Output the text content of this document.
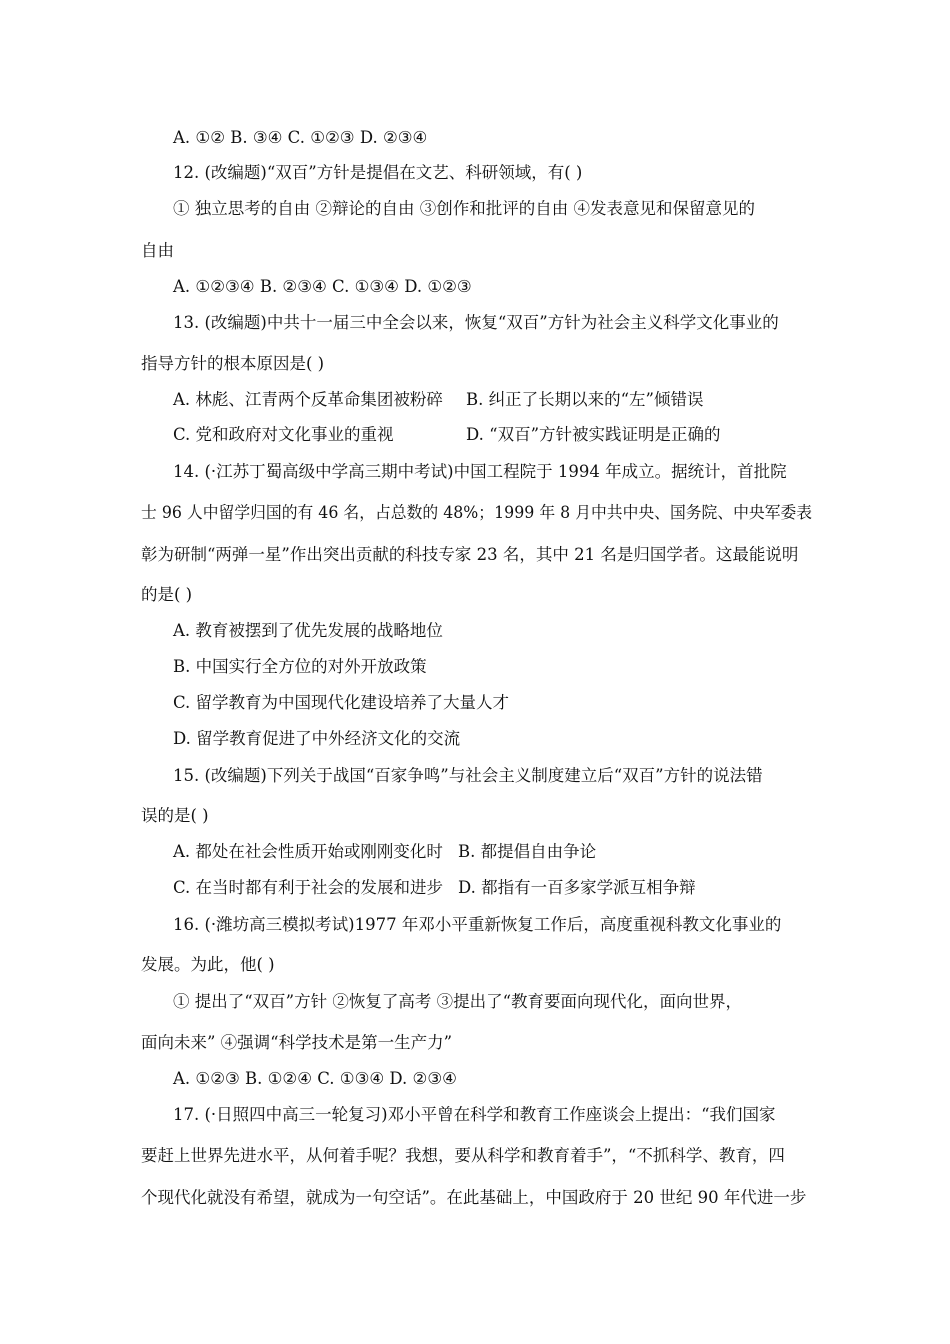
A. ①② B. ③④ C. ①②③ D. ②③④
12. (改编题)“双百”方针是提倡在文艺、科研领域，有( )
① 独立思考的自由 ②辩论的自由 ③创作和批评的自由 ④发表意见和保留意见的
自由
A. ①②③④ B. ②③④ C. ①③④ D. ①②③
13. (改编题)中共十一届三中全会以来，恢复“双百”方针为社会主义科学文化事业的
指导方针的根本原因是( )
A. 林彪、江青两个反革命集团被粉碎 B. 纠正了长期以来的“左”倾错误
C. 党和政府对文化事业的重视	D. “双百”方针被实践证明是正确的
14. (·江苏丁蜀高级中学高三期中考试)中国工程院于 1994 年成立。据统计，首批院
士 96 人中留学归国的有 46 名，占总数的 48%；1999 年 8 月中共中央、国务院、中央军委表
彰为研制“两弹一星”作出突出贡献的科技专家 23 名，其中 21 名是归国学者。这最能说明
的是( )
A. 教育被摆到了优先发展的战略地位
B. 中国实行全方位的对外开放政策
C. 留学教育为中国现代化建设培养了大量人才
D. 留学教育促进了中外经济文化的交流
15. (改编题)下列关于战国“百家争鸣”与社会主义制度建立后“双百”方针的说法错
误的是( )
A. 都处在社会性质开始或刚刚变化时 B. 都提倡自由争论
C. 在当时都有利于社会的发展和进步 D. 都指有一百多家学派互相争辩
16. (·潍坊高三模拟考试)1977 年邓小平重新恢复工作后，高度重视科教文化事业的
发展。为此，他( )
① 提出了“双百”方针 ②恢复了高考 ③提出了“教育要面向现代化，面向世界，
面向未来” ④强调“科学技术是第一生产力”
A. ①②③ B. ①②④ C. ①③④ D. ②③④
17. (·日照四中高三一轮复习)邓小平曾在科学和教育工作座谈会上提出：“我们国家
要赶上世界先进水平，从何着手呢？我想，要从科学和教育着手”，“不抓科学、教育，四
个现代化就没有希望，就成为一句空话”。在此基础上，中国政府于 20 世纪 90 年代进一步
